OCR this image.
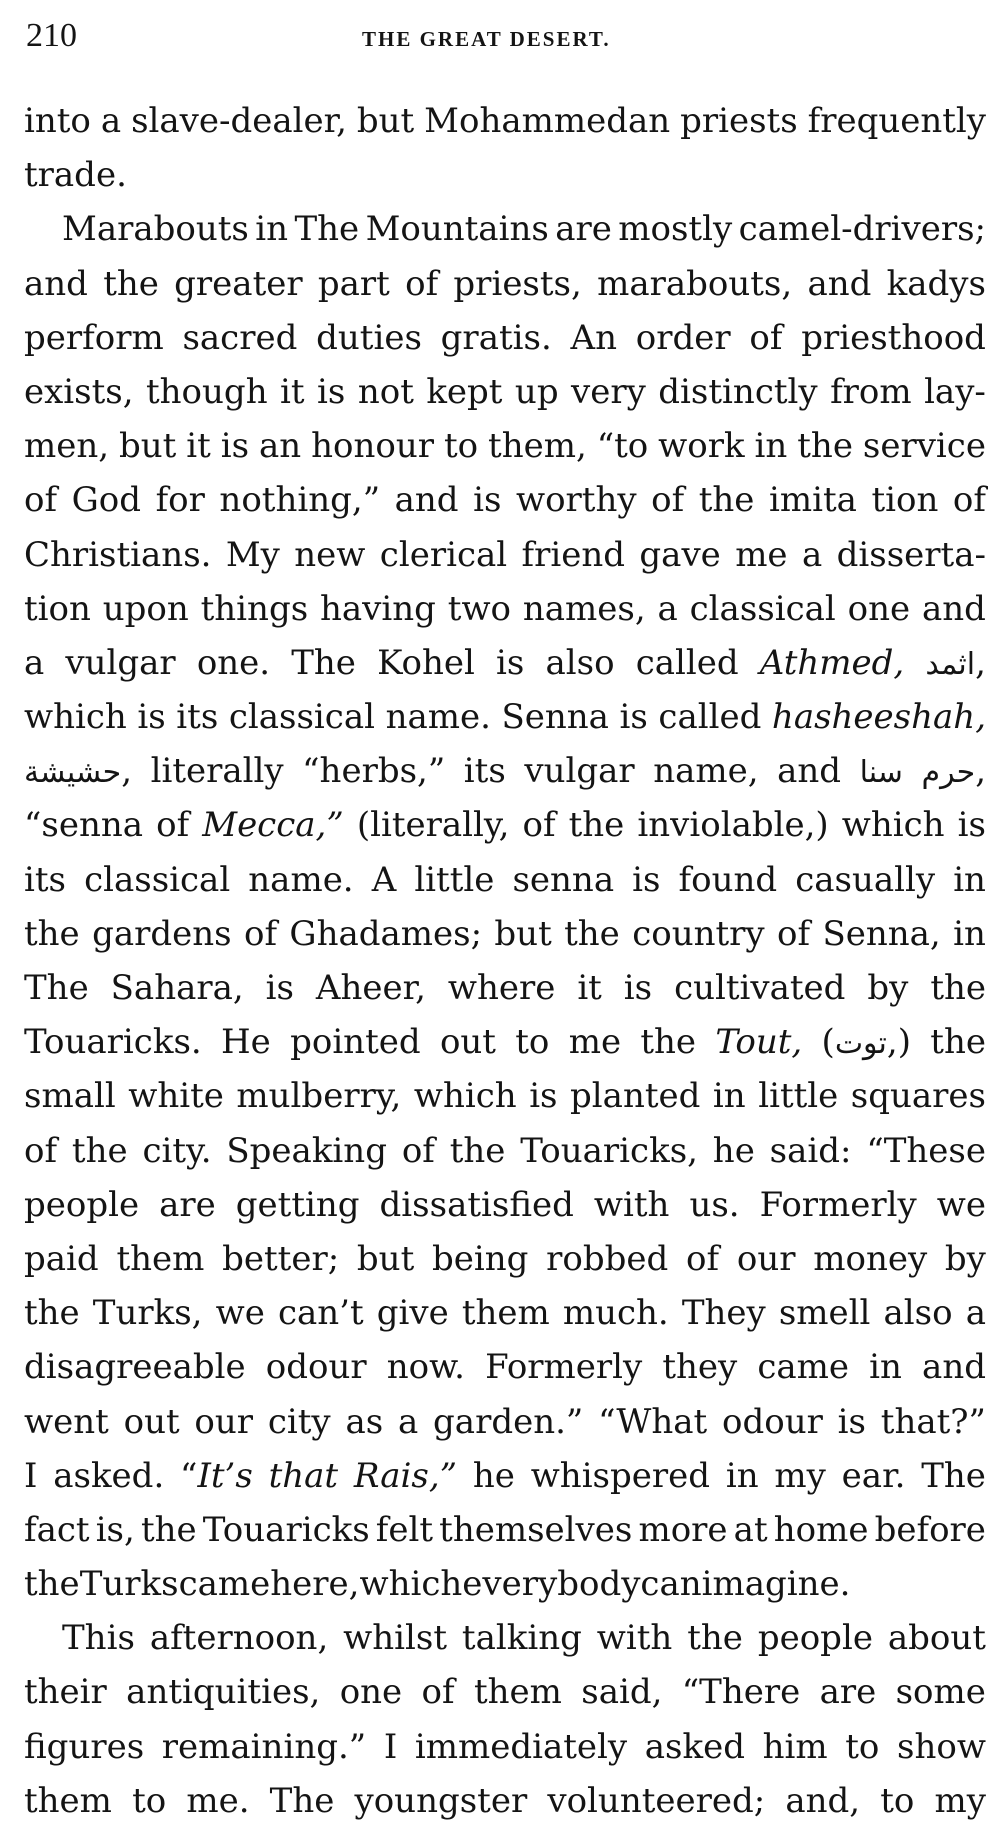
210	THE GREAT DESERT.
into a slave-dealer, but Mohammedan priests frequently
trade.
Marabouts in The Mountains are mostly camel-drivers;
and the greater part of priests, marabouts, and kadys
perform sacred duties gratis. An order of priesthood
exists, though it is not kept up very distinctly from lay-
men, but it is an honour to them, “to work in the service
of God for nothing,” and is worthy of the imita tion of
Christians. My new clerical friend gave me a disserta-
tion upon things having two names, a classical one and
a vulgar one. The Kohel is also called Athmed, اثمد,
which is its classical name. Senna is called hasheeshah,
حشيشة, literally “herbs,” its vulgar name, and سنا حرم,
“senna of Mecca,” (literally, of the inviolable,) which is
its classical name. A little senna is found casually in
the gardens of Ghadames; but the country of Senna, in
The Sahara, is Aheer, where it is cultivated by the
Touaricks. He pointed out to me the Tout, (توت,) the
small white mulberry, which is planted in little squares
of the city. Speaking of the Touaricks, he said: “These
people are getting dissatisfied with us. Formerly we
paid them better; but being robbed of our money by
the Turks, we can’t give them much. They smell also a
disagreeable odour now. Formerly they came in and
went out our city as a garden.” “What odour is that?”
I asked. “It’s that Rais,” he whispered in my ear. The
fact is, the Touaricks felt themselves more at home before
the Turks came here, which everybody can imagine.
This afternoon, whilst talking with the people about
their antiquities, one of them said, “There are some
figures remaining.” I immediately asked him to show
them to me. The youngster volunteered; and, to my
